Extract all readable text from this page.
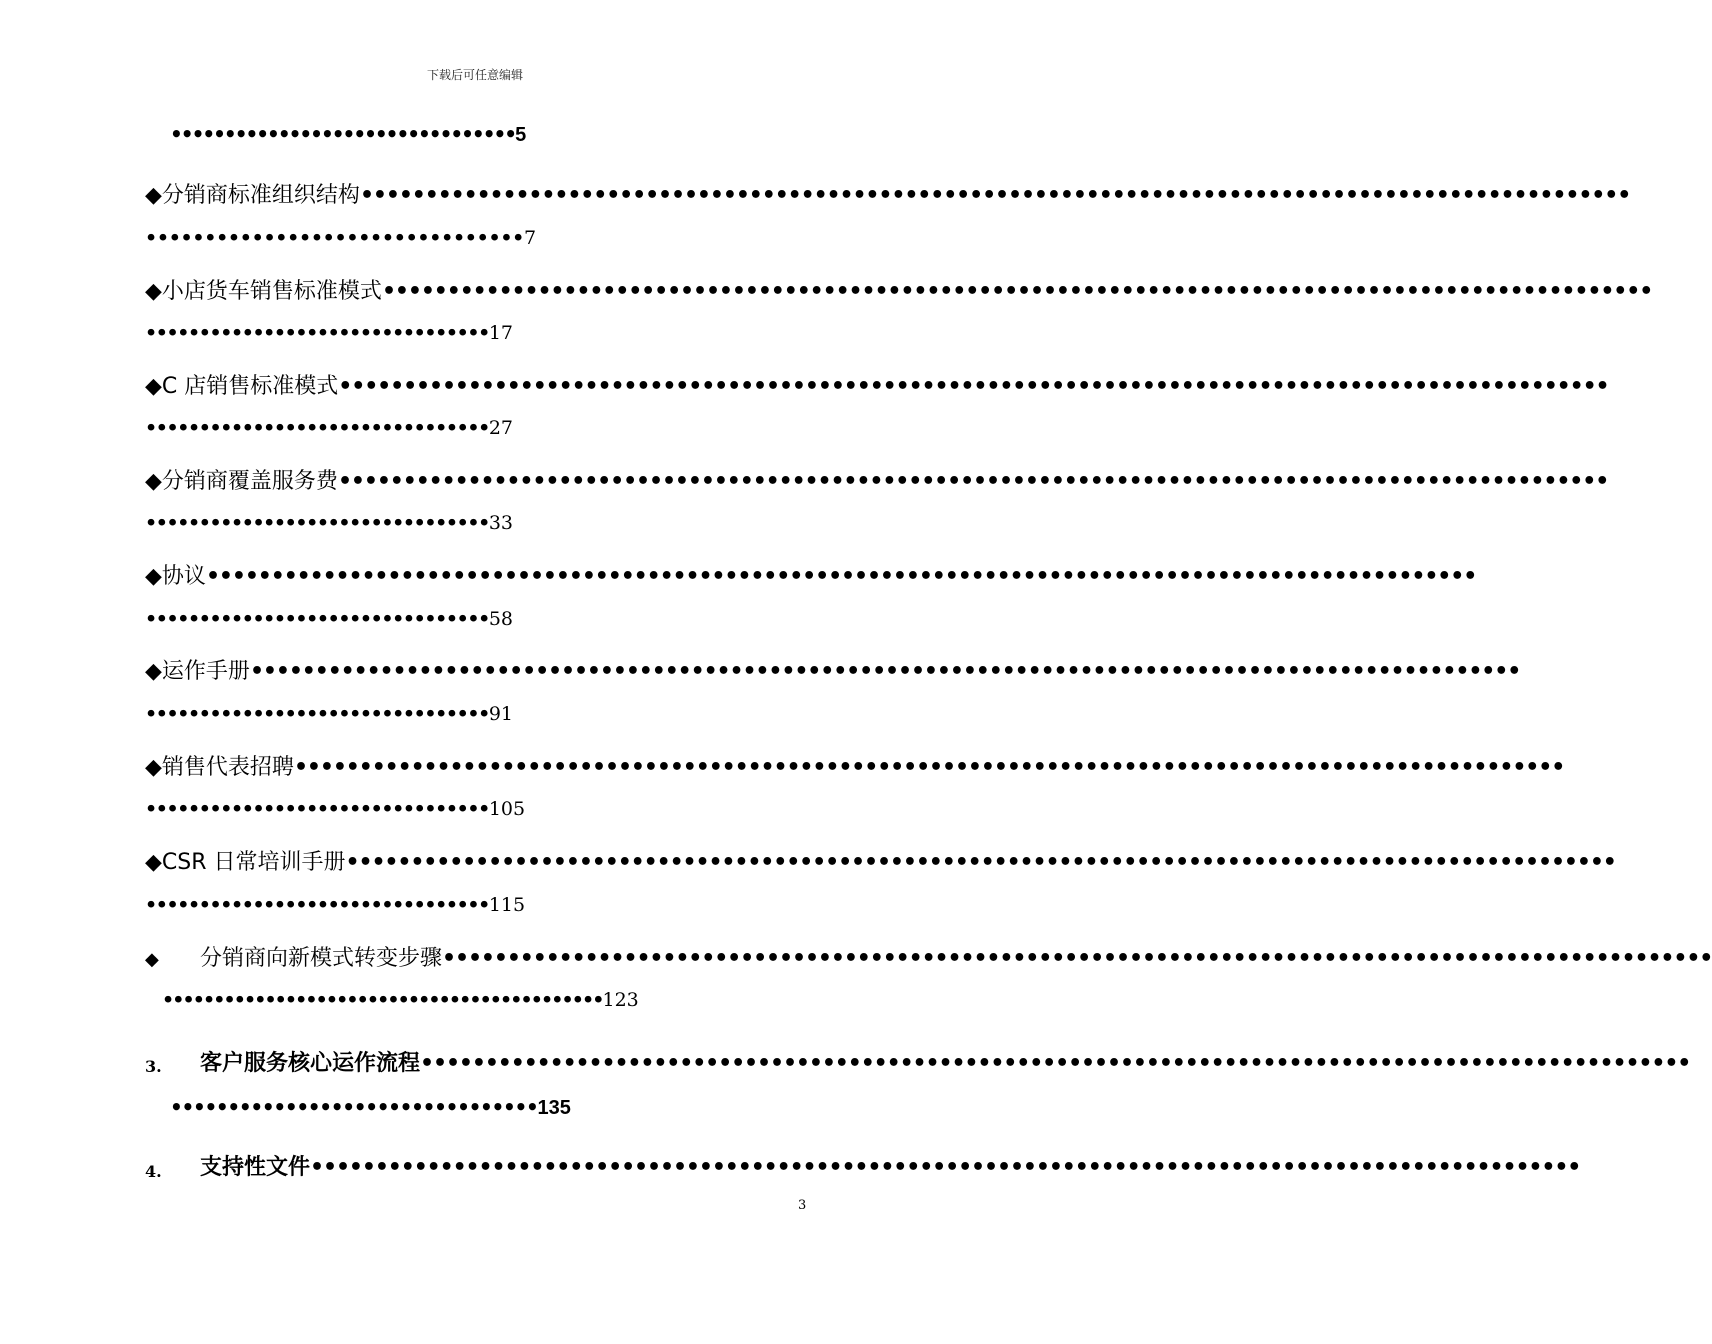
下载后可任意编辑
••••••••••••••••••••••••••••••••5
◆分销商标准组织结构••••••••••••••••••••••••••••••••••••••••••••••••••••••••••••••••••••••••••••••••••••••••••••••••••
••••••••••••••••••••••••••••••••7
◆小店货车销售标准模式••••••••••••••••••••••••••••••••••••••••••••••••••••••••••••••••••••••••••••••••••••••••••••••••••
••••••••••••••••••••••••••••••••17
◆C 店销售标准模式••••••••••••••••••••••••••••••••••••••••••••••••••••••••••••••••••••••••••••••••••••••••••••••••••
••••••••••••••••••••••••••••••••27
◆分销商覆盖服务费••••••••••••••••••••••••••••••••••••••••••••••••••••••••••••••••••••••••••••••••••••••••••••••••••
••••••••••••••••••••••••••••••••33
◆协议••••••••••••••••••••••••••••••••••••••••••••••••••••••••••••••••••••••••••••••••••••••••••••••••••
••••••••••••••••••••••••••••••••58
◆运作手册••••••••••••••••••••••••••••••••••••••••••••••••••••••••••••••••••••••••••••••••••••••••••••••••••
••••••••••••••••••••••••••••••••91
◆销售代表招聘••••••••••••••••••••••••••••••••••••••••••••••••••••••••••••••••••••••••••••••••••••••••••••••••••
••••••••••••••••••••••••••••••••105
◆CSR 日常培训手册••••••••••••••••••••••••••••••••••••••••••••••••••••••••••••••••••••••••••••••••••••••••••••••••••
••••••••••••••••••••••••••••••••115
◆ 分销商向新模式转变步骤••••••••••••••••••••••••••••••••••••••••••••••••••••••••••••••••••••••••••••••••••••••••••••••••••
•••••••••••••••••••••••••••••••••••••••••••123
3. 客户服务核心运作流程••••••••••••••••••••••••••••••••••••••••••••••••••••••••••••••••••••••••••••••••••••••••••••••••••
••••••••••••••••••••••••••••••••135
4. 支持性文件••••••••••••••••••••••••••••••••••••••••••••••••••••••••••••••••••••••••••••••••••••••••••••••••••
3
